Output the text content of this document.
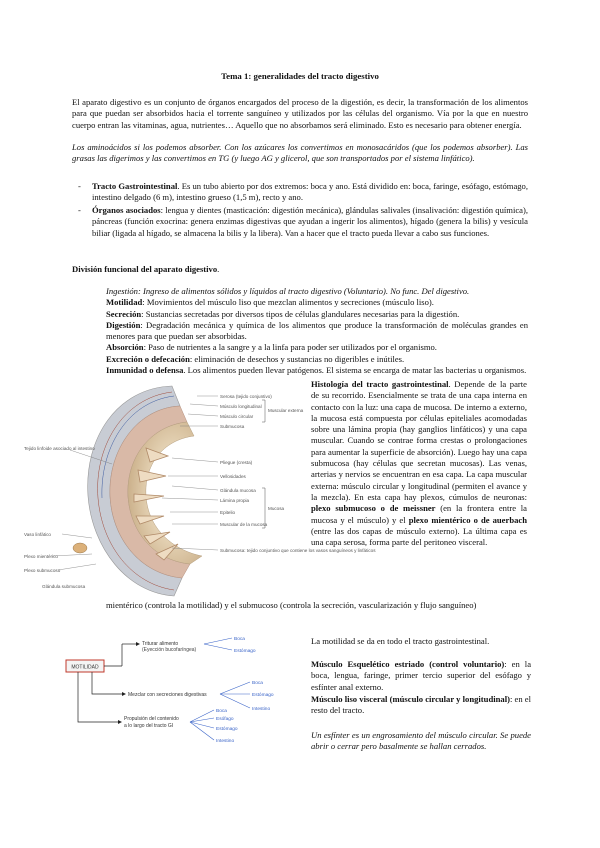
Tema 1: generalidades del tracto digestivo
El aparato digestivo es un conjunto de órganos encargados del proceso de la digestión, es decir, la transformación de los alimentos para que puedan ser absorbidos hacia el torrente sanguíneo y utilizados por las células del organismo. Vía por la que en nuestro cuerpo entran las vitaminas, agua, nutrientes… Aquello que no absorbamos será eliminado. Esto es necesario para obtener energía.
Los aminoácidos si los podemos absorber. Con los azúcares los convertimos en monosacáridos (que los podemos absorber). Las grasas las digerimos y las convertimos en TG (y luego AG y glicerol, que son transportados por el sistema linfático).
- Tracto Gastrointestinal. Es un tubo abierto por dos extremos: boca y ano. Está dividido en: boca, faringe, esófago, estómago, intestino delgado (6 m), intestino grueso (1,5 m), recto y ano.
- Órganos asociados: lengua y dientes (masticación: digestión mecánica), glándulas salivales (insalivación: digestión química), páncreas (función exocrina: genera enzimas digestivas que ayudan a ingerir los alimentos), hígado (genera la bilis) y vesícula biliar (ligada al hígado, se almacena la bilis y la libera). Van a hacer que el tracto pueda llevar a cabo sus funciones.
División funcional del aparato digestivo.

Ingestión: Ingreso de alimentos sólidos y líquidos al tracto digestivo (Voluntario). No func. Del digestivo.

Motilidad: Movimientos del músculo liso que mezclan alimentos y secreciones (músculo liso).

Secreción: Sustancias secretadas por diversos tipos de células glandulares necesarias para la digestión.

Digestión: Degradación mecánica y química de los alimentos que produce la transformación de moléculas grandes en menores para que puedan ser absorbidas.

Absorción: Paso de nutrientes a la sangre y a la linfa para poder ser utilizados por el organismo.

Excreción o defecación: eliminación de desechos y sustancias no digeribles e inútiles.

Inmunidad o defensa. Los alimentos pueden llevar patógenos. El sistema se encarga de matar las bacterias u organismos.

Serosa (tejido conjuntivo)
Músculo longitudinal
Músculo circular
Muscular externa
Submucosa
Pliegue (cresta)
Vellosidades
Glándula mucosa
Lámina propia
Epitelio
Muscular de la mucosa
Mucosa
Submucosa: tejido conjuntivo que contiene los vasos sanguíneos y linfáticos
Tejido linfoide asociado al intestino
Vaso linfático
Plexo mientérico
Plexo submucoso
Glándula submucosa
Histología del tracto gastrointestinal. Depende de la parte de su recorrido. Esencialmente se trata de una capa interna en contacto con la luz: una capa de mucosa. De interno a externo, la mucosa está compuesta por células epiteliales acomodadas sobre una lámina propia (hay ganglios linfáticos) y una capa muscular. Cuando se contrae forma crestas o prolongaciones para aumentar la superficie de absorción). Luego hay una capa submucosa (hay células que secretan mucosas). Las venas, arterias y nervios se encuentran en esa capa. La capa muscular externa: músculo circular y longitudinal (permiten el avance y la mezcla). En esta capa hay plexos, cúmulos de neuronas: plexo submucoso o de meissner (en la frontera entre la mucosa y el músculo) y el plexo mientérico o de auerbach (entre las dos capas de músculo externo). La última capa es una capa serosa, forma parte del peritoneo visceral.
mientérico (controla la motilidad) y el submucoso (controla la secreción, vascularización y flujo sanguíneo)
MOTILIDAD
Triturar alimento
(Eyección bucofaríngea)
Mezclar con secreciones digestivas
Propulsión del contenido
a lo largo del tracto GI
Boca
Estómago
Boca
Estómago
Intestino
Boca
Esófago
Estómago
Intestino
La motilidad se da en todo el tracto gastrointestinal.
Músculo Esquelético estriado (control voluntario): en la boca, lengua, faringe, primer tercio superior del esófago y esfínter anal externo.
Músculo liso visceral (músculo circular y longitudinal): en el resto del tracto.
Un esfínter es un engrosamiento del músculo circular. Se puede abrir o cerrar pero basalmente se hallan cerrados.
